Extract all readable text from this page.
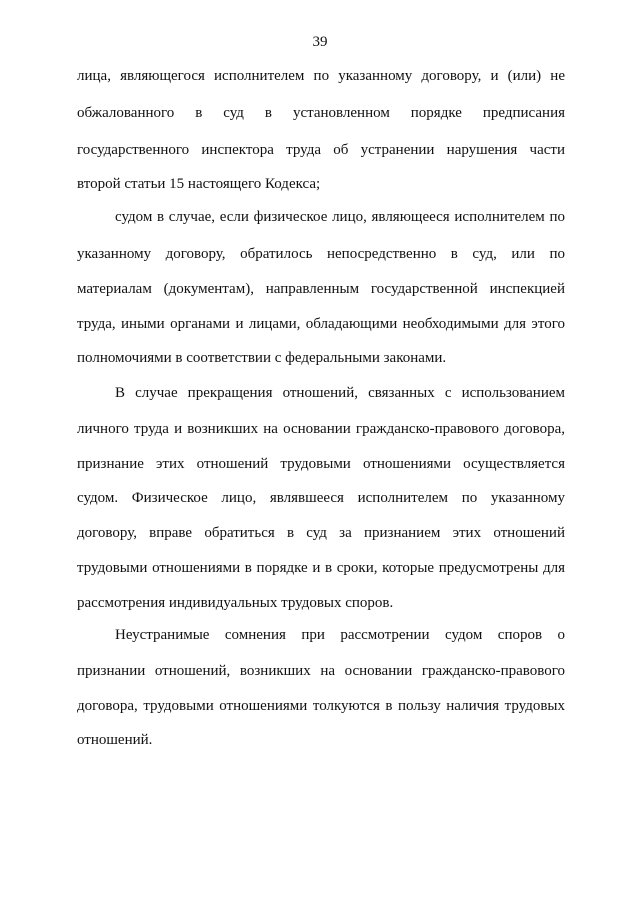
39
лица, являющегося исполнителем по указанному договору, и (или) не
обжалованного в суд в установленном порядке предписания
государственного инспектора труда об устранении нарушения части
второй статьи 15 настоящего Кодекса;
судом в случае, если физическое лицо, являющееся исполнителем по
указанному договору, обратилось непосредственно в суд, или по
материалам (документам), направленным государственной инспекцией
труда, иными органами и лицами, обладающими необходимыми для этого
полномочиями в соответствии с федеральными законами.
В случае прекращения отношений, связанных с использованием
личного труда и возникших на основании гражданско-правового договора,
признание этих отношений трудовыми отношениями осуществляется
судом. Физическое лицо, являвшееся исполнителем по указанному
договору, вправе обратиться в суд за признанием этих отношений
трудовыми отношениями в порядке и в сроки, которые предусмотрены для
рассмотрения индивидуальных трудовых споров.
Неустранимые сомнения при рассмотрении судом споров о
признании отношений, возникших на основании гражданско-правового
договора, трудовыми отношениями толкуются в пользу наличия трудовых
отношений.
